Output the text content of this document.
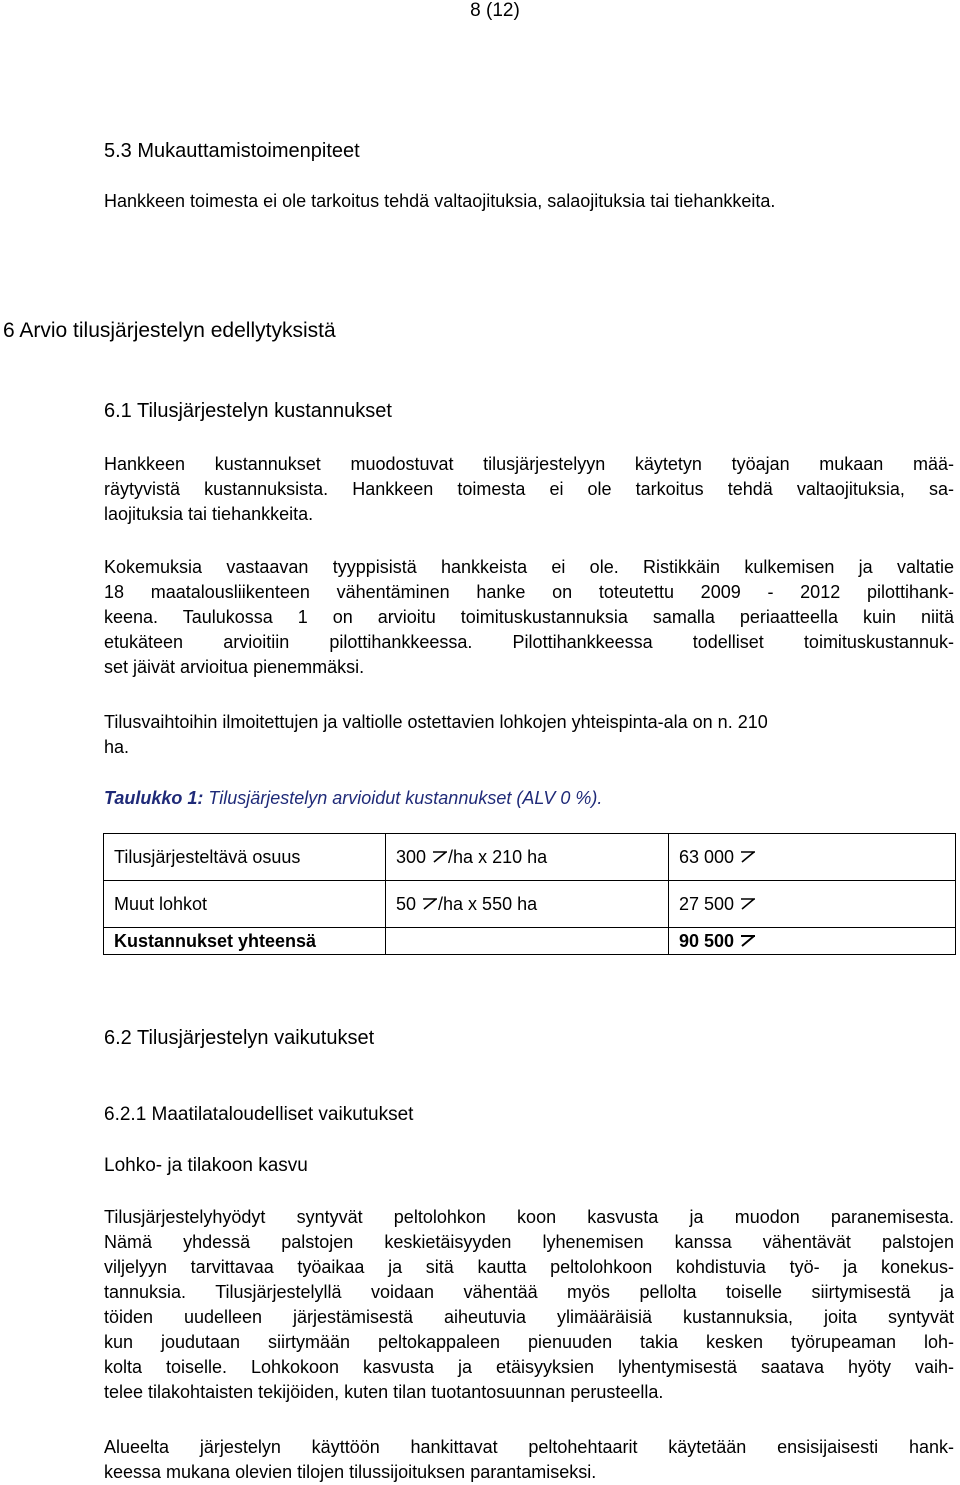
8 (12)
5.3 Mukauttamistoimenpiteet
Hankkeen toimesta ei ole tarkoitus tehdä valtaojituksia, salaojituksia tai tiehankkeita.
6 Arvio tilusjärjestelyn edellytyksistä
6.1 Tilusjärjestelyn kustannukset
Hankkeen kustannukset muodostuvat tilusjärjestelyyn käytetyn työajan mukaan mää-
räytyvistä kustannuksista. Hankkeen toimesta ei ole tarkoitus tehdä valtaojituksia, sa-
laojituksia tai tiehankkeita.
Kokemuksia vastaavan tyyppisistä hankkeista ei ole. Ristikkäin kulkemisen ja valtatie
18 maatalousliikenteen vähentäminen hanke on toteutettu 2009 - 2012 pilottihank-
keena. Taulukossa 1 on arvioitu toimituskustannuksia samalla periaatteella kuin niitä
etukäteen arvioitiin pilottihankkeessa. Pilottihankkeessa todelliset toimituskustannuk-
set jäivät arvioitua pienemmäksi.
Tilusvaihtoihin ilmoitettujen ja valtiolle ostettavien lohkojen yhteispinta-ala on n. 210
ha.
Taulukko 1: Tilusjärjestelyn arvioidut kustannukset (ALV 0 %).
Tilusjärjesteltävä osuus	300 /ha x 210 ha	63 000

Muut lohkot	50 /ha x 550 ha	27 500

Kustannukset yhteensä		90 500
6.2 Tilusjärjestelyn vaikutukset
6.2.1 Maatilataloudelliset vaikutukset
Lohko- ja tilakoon kasvu
Tilusjärjestelyhyödyt syntyvät peltolohkon koon kasvusta ja muodon paranemisesta.
Nämä yhdessä palstojen keskietäisyyden lyhenemisen kanssa vähentävät palstojen
viljelyyn tarvittavaa työaikaa ja sitä kautta peltolohkoon kohdistuvia työ- ja konekus-
tannuksia. Tilusjärjestelyllä voidaan vähentää myös pellolta toiselle siirtymisestä ja
töiden uudelleen järjestämisestä aiheutuvia ylimääräisiä kustannuksia, joita syntyvät
kun joudutaan siirtymään peltokappaleen pienuuden takia kesken työrupeaman loh-
kolta toiselle. Lohkokoon kasvusta ja etäisyyksien lyhentymisestä saatava hyöty vaih-
telee tilakohtaisten tekijöiden, kuten tilan tuotantosuunnan perusteella.
Alueelta järjestelyn käyttöön hankittavat peltohehtaarit käytetään ensisijaisesti hank-
keessa mukana olevien tilojen tilussijoituksen parantamiseksi.
